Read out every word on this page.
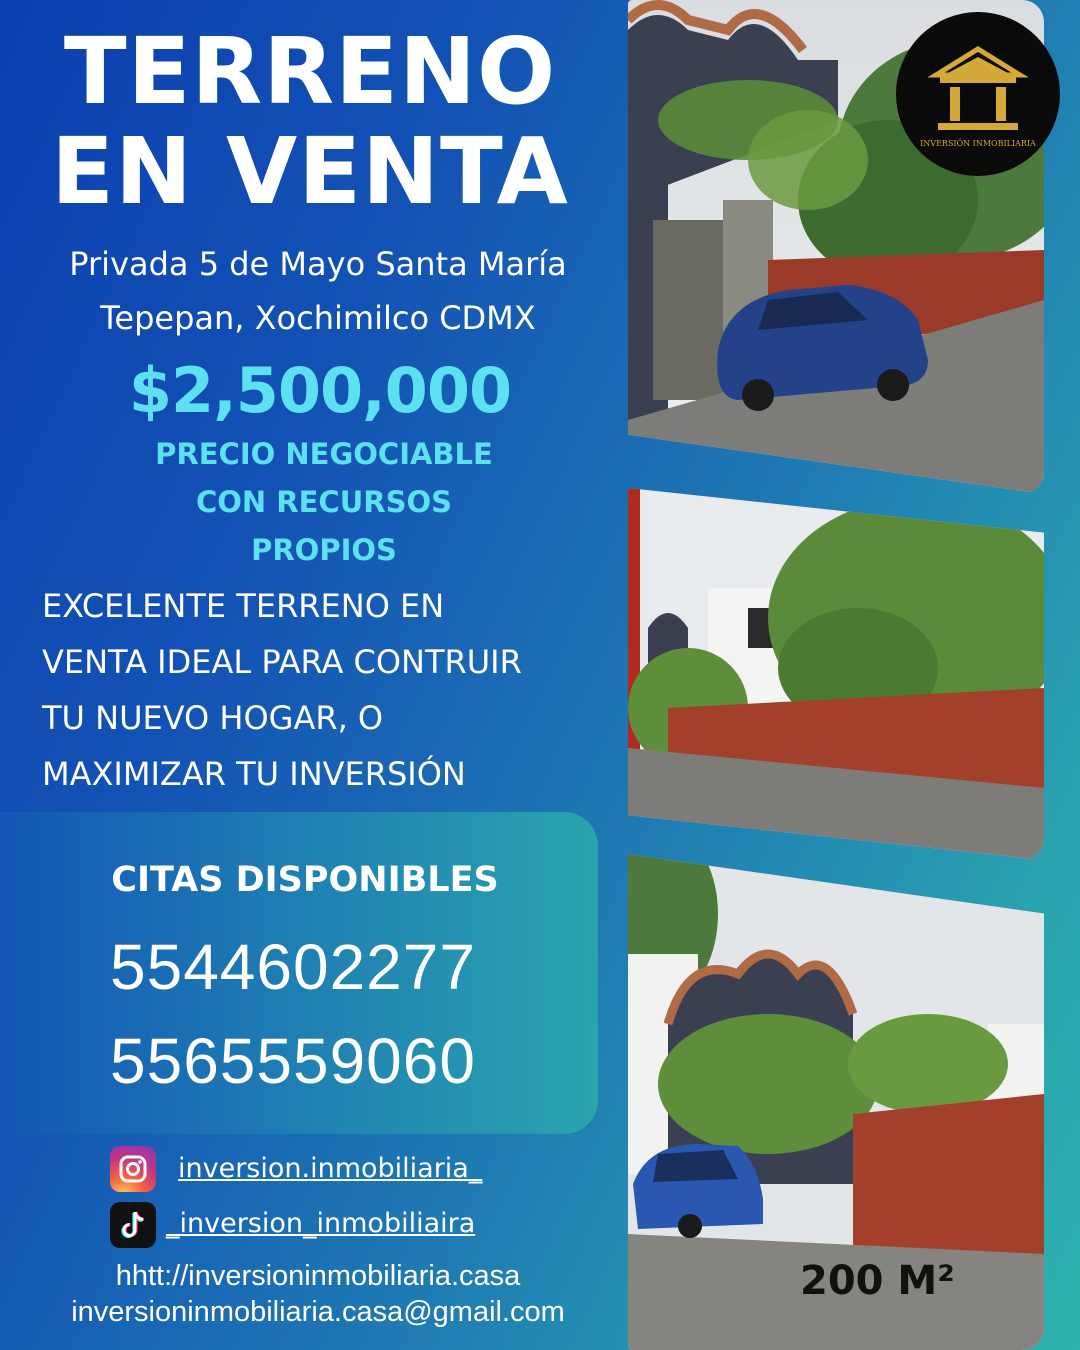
TERRENO
EN VENTA
Privada 5 de Mayo Santa María
Tepepan, Xochimilco CDMX
$2,500,000
PRECIO NEGOCIABLE
CON RECURSOS
PROPIOS
EXCELENTE TERRENO EN
VENTA IDEAL PARA CONTRUIR
TU NUEVO HOGAR, O
MAXIMIZAR TU INVERSIÓN
CITAS DISPONIBLES
5544602277
5565559060
inversion.inmobiliaria_
_inversion_inmobiliaira
hhtt://inversioninmobiliaria.casa
inversioninmobiliaria.casa@gmail.com
INVERSIÓN INMOBILIARIA
200 M²
